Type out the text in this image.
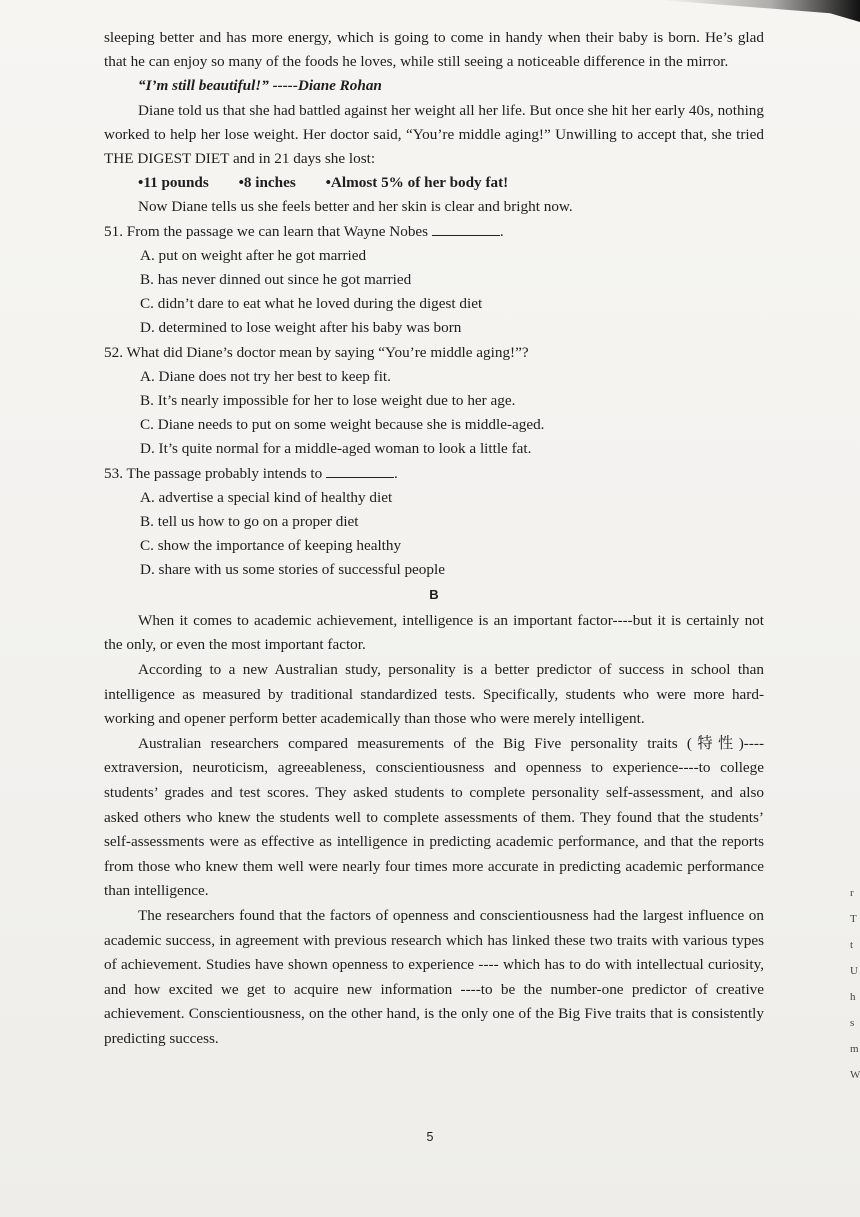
sleeping better and has more energy, which is going to come in handy when their baby is born. He’s glad that he can enjoy so many of the foods he loves, while still seeing a noticeable difference in the mirror.

“I’m still beautiful!” -----Diane Rohan

Diane told us that she had battled against her weight all her life. But once she hit her early 40s, nothing worked to help her lose weight. Her doctor said, “You’re middle aging!” Unwilling to accept that, she tried THE DIGEST DIET and in 21 days she lost:

•11 pounds •8 inches •Almost 5% of her body fat!

Now Diane tells us she feels better and her skin is clear and bright now.

51. From the passage we can learn that Wayne Nobes	.

A. put on weight after he got married

B. has never dinned out since he got married

C. didn’t dare to eat what he loved during the digest diet

D. determined to lose weight after his baby was born

52. What did Diane’s doctor mean by saying “You’re middle aging!”?

A. Diane does not try her best to keep fit.

B. It’s nearly impossible for her to lose weight due to her age.

C. Diane needs to put on some weight because she is middle-aged.

D. It’s quite normal for a middle-aged woman to look a little fat.

53. The passage probably intends to	.

A. advertise a special kind of healthy diet

B. tell us how to go on a proper diet

C. show the importance of keeping healthy

D. share with us some stories of successful people

B

When it comes to academic achievement, intelligence is an important factor----but it is certainly not the only, or even the most important factor.

According to a new Australian study, personality is a better predictor of success in school than intelligence as measured by traditional standardized tests. Specifically, students who were more hard-working and opener perform better academically than those who were merely intelligent.

Australian researchers compared measurements of the Big Five personality traits (特性)----extraversion, neuroticism, agreeableness, conscientiousness and openness to experience----to college students’ grades and test scores. They asked students to complete personality self-assessment, and also asked others who knew the students well to complete assessments of them. They found that the students’ self-assessments were as effective as intelligence in predicting academic performance, and that the reports from those who knew them well were nearly four times more accurate in predicting academic performance than intelligence.

The researchers found that the factors of openness and conscientiousness had the largest influence on academic success, in agreement with previous research which has linked these two traits with various types of achievement. Studies have shown openness to experience ---- which has to do with intellectual curiosity, and how excited we get to acquire new information ----to be the number-one predictor of creative achievement. Conscientiousness, on the other hand, is the only one of the Big Five traits that is consistently predicting success.

r
T
t
U
h
s
m
W
5
